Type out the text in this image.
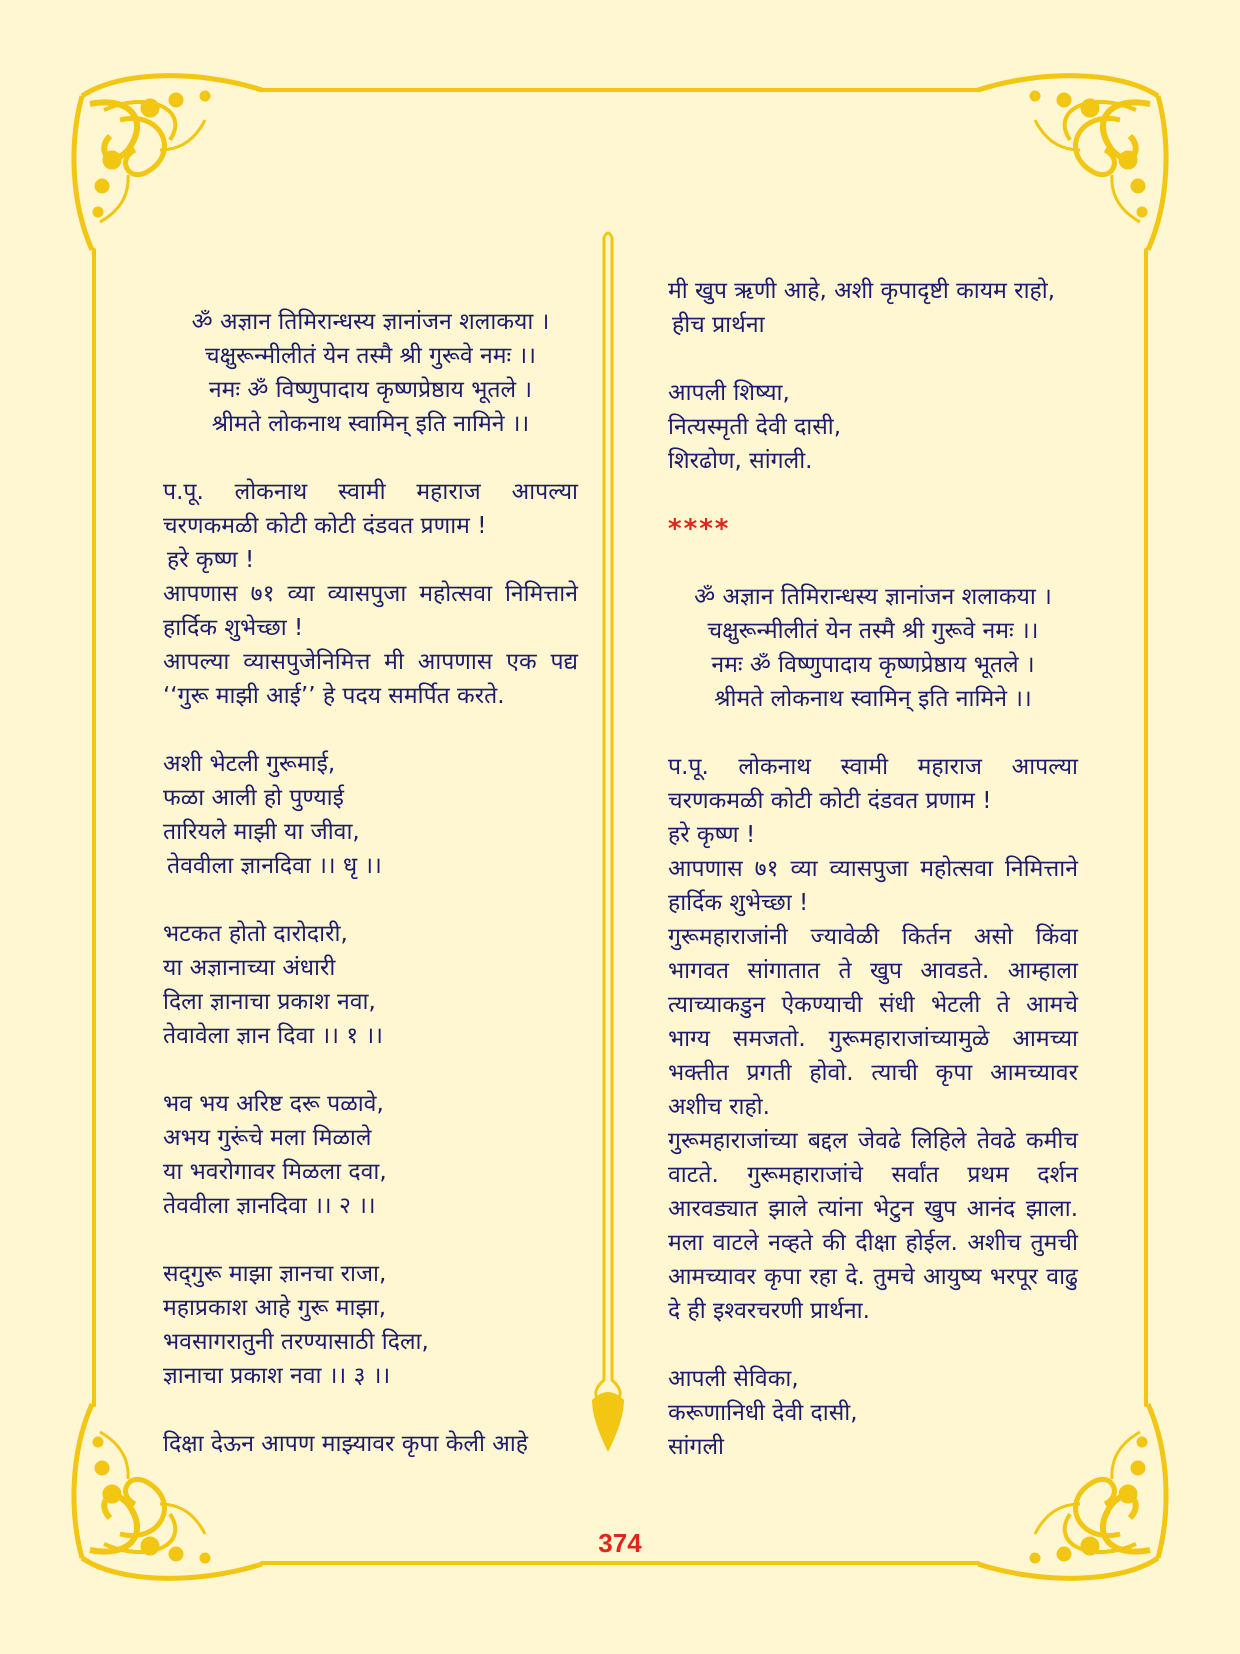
ॐ अज्ञान तिमिरान्धस्य ज्ञानांजन शलाकया ।
चक्षुरून्मीलीतं येन तस्मै श्री गुरूवे नमः ।।
नमः ॐ विष्णुपादाय कृष्णप्रेष्ठाय भूतले ।
श्रीमते लोकनाथ स्वामिन् इति नामिने ।।
प.पू. लोकनाथ स्वामी महाराज आपल्या
चरणकमळी कोटी कोटी दंडवत प्रणाम !
हरे कृष्ण !
आपणास ७१ व्या व्यासपुजा महोत्सवा निमित्ताने
हार्दिक शुभेच्छा !
आपल्या व्यासपुजेनिमित्त मी आपणास एक पद्य
‘‘गुरू माझी आई’’ हे पदय समर्पित करते.
अशी भेटली गुरूमाई,
फळा आली हो पुण्याई
तारियले माझी या जीवा,
तेववीला ज्ञानदिवा ।। धृ ।।
भटकत होतो दारोदारी,
या अज्ञानाच्या अंधारी
दिला ज्ञानाचा प्रकाश नवा,
तेवावेला ज्ञान दिवा ।। १ ।।
भव भय अरिष्ट दरू पळावे,
अभय गुरूंचे मला मिळाले
या भवरोगावर मिळला दवा,
तेववीला ज्ञानदिवा ।। २ ।।
सद्‌गुरू माझा ज्ञानचा राजा,
महाप्रकाश आहे गुरू माझा,
भवसागरातुनी तरण्यासाठी दिला,
ज्ञानाचा प्रकाश नवा ।। ३ ।।
दिक्षा देऊन आपण माझ्यावर कृपा केली आहे
मी खुप ऋणी आहे, अशी कृपादृष्टी कायम राहो,
हीच प्रार्थना
आपली शिष्या,
नित्यस्मृती देवी दासी,
शिरढोण, सांगली.
****
ॐ अज्ञान तिमिरान्धस्य ज्ञानांजन शलाकया ।
चक्षुरून्मीलीतं येन तस्मै श्री गुरूवे नमः ।।
नमः ॐ विष्णुपादाय कृष्णप्रेष्ठाय भूतले ।
श्रीमते लोकनाथ स्वामिन् इति नामिने ।।
प.पू. लोकनाथ स्वामी महाराज आपल्या
चरणकमळी कोटी कोटी दंडवत प्रणाम !
हरे कृष्ण !
आपणास ७१ व्या व्यासपुजा महोत्सवा निमित्ताने
हार्दिक शुभेच्छा !
गुरूमहाराजांनी ज्यावेळी किर्तन असो किंवा
भागवत सांगातात ते खुप आवडते. आम्हाला
त्याच्याकडुन ऐकण्याची संधी भेटली ते आमचे
भाग्य समजतो. गुरूमहाराजांच्यामुळे आमच्या
भक्तीत प्रगती होवो. त्याची कृपा आमच्यावर
अशीच राहो.
गुरूमहाराजांच्या बद्दल जेवढे लिहिले तेवढे कमीच
वाटते. गुरूमहाराजांचे सर्वांत प्रथम दर्शन
आरवड्यात झाले त्यांना भेटुन खुप आनंद झाला.
मला वाटले नव्हते की दीक्षा होईल. अशीच तुमची
आमच्यावर कृपा रहा दे. तुमचे आयुष्य भरपूर वाढु
दे ही इश्वरचरणी प्रार्थना.
आपली सेविका,
करूणानिधी देवी दासी,
सांगली
374
